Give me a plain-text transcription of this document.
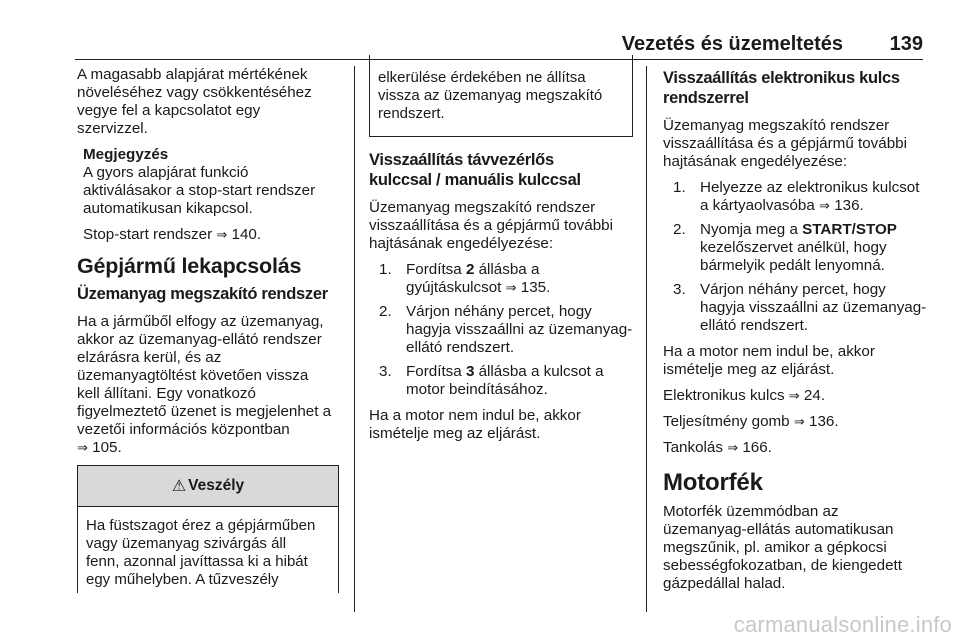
Vezetés és üzemeltetés 139

A magasabb alapjárat mértékének
növeléséhez vagy csökkentéséhez
vegye fel a kapcsolatot egy
szervizzel.

Megjegyzés

A gyors alapjárat funkció
aktiválásakor a stop-start rendszer
automatikusan kikapcsol.

Stop-start rendszer ⇒ 140.

Gépjármű lekapcsolás
Üzemanyag megszakító rendszer

Ha a járműből elfogy az üzemanyag,
akkor az üzemanyag-ellátó rendszer
elzárásra kerül, és az
üzemanyagtöltést követően vissza
kell állítani. Egy vonatkozó
figyelmeztető üzenet is megjelenhet a
vezetői információs központban

⇒ 105.

⚠ Veszély
Ha füstszagot érez a gépjárműben
vagy üzemanyag szivárgás áll
fenn, azonnal javíttassa ki a hibát
egy műhelyben. A tűzveszély
elkerülése érdekében ne állítsa
vissza az üzemanyag megszakító
rendszert.
Visszaállítás távvezérlős
kulccsal / manuális kulccsal

Üzemanyag megszakító rendszer
visszaállítása és a gépjármű további
hajtásának engedélyezése:

1. Fordítsa 2 állásba a
gyújtáskulcsot ⇒ 135.
2. Várjon néhány percet, hogy
hagyja visszaállni az üzemanyag-
ellátó rendszert.
3. Fordítsa 3 állásba a kulcsot a
motor beindításához.

Ha a motor nem indul be, akkor
ismételje meg az eljárást.

Visszaállítás elektronikus kulcs
rendszerrel

Üzemanyag megszakító rendszer
visszaállítása és a gépjármű további
hajtásának engedélyezése:

1. Helyezze az elektronikus kulcsot
a kártyaolvasóba ⇒ 136.
2. Nyomja meg a START/STOP
kezelőszervet anélkül, hogy
bármelyik pedált lenyomná.
3. Várjon néhány percet, hogy
hagyja visszaállni az üzemanyag-
ellátó rendszert.

Ha a motor nem indul be, akkor
ismételje meg az eljárást.

Elektronikus kulcs ⇒ 24.

Teljesítmény gomb ⇒ 136.

Tankolás ⇒ 166.

Motorfék

Motorfék üzemmódban az
üzemanyag-ellátás automatikusan
megszűnik, pl. amikor a gépkocsi
sebességfokozatban, de kiengedett
gázpedállal halad.

carmanualsonline.info
